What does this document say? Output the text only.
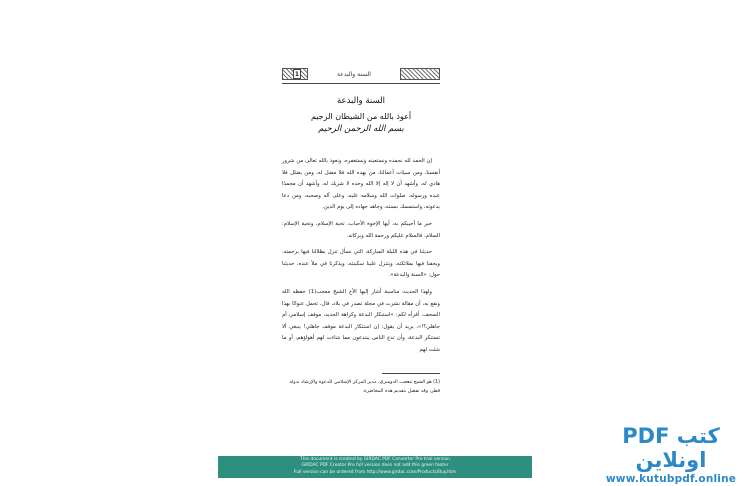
1	السنة والبدعة
السنة والبدعة
أعوذ بالله من الشيطان الرجيم
بسم الله الرحمن الرحيم

إن الحمد لله نحمده ونستعينه ونستغفره، ونعوذ بالله تعالى من شرور أنفسنا، ومن سيئات أعمالنا، من يهده الله فلا مضل له، ومن يضلل فلا هادي له، وأشهد أن لا إله إلا الله وحده لا شريك له، وأشهد أن محمدًا عبده ورسوله، صلوات الله وسلامه عليه، وعلى آله وصحبه، ومن دعا بدعوته، واستمسك بسنته، وجاهد جهاده إلى يوم الدين.

خير ما أحييكم به، أيها الإخوة الأحباب، تحية الإسلام، وتحية الإسلام: السلام، فالسلام عليكم ورحمة الله وبركاته.

حديثنا في هذه الليلة المباركة، التي نسأل تنزل بظلالنا فيها برحمته، ويحفنا فيها بملائكته، ويتنزل علينا سكينته، ويذكرنا في ملأ عنده، حديثنا حول: «السنة والبدعة».

ولهذا الحديث مناسبة أشار إليها الأخ الشيخ معجب(1) حفظه الله ونفع به، أن مقالة نشرت في مجلة تصدر في بلاد، قال، تحمل عنوانًا بهذا السخف، أقرأه لكم: «استنكار البدعة وكراهة الجديد، موقف إسلامي أم جاهلي؟!»، يريد أن يقول: إن استنكار البدعة موقف جاهلي! ينبغي ألا تستنكر البدعة، وأن تدع الناس يبتدعون مما شاءت لهم أهواؤهم، أو ما شئت لهم

(1) هو الشيخ معجب الدوسري، مدير المركز الإسلامي للدعوة والإرشاد بدولة قطر، وقد تفضل بتقديم هذه المحاضرة.
This document is created by GIRDAC PDF Converter Pro trial version
GIRDAC PDF Creator Pro full version does not add this green footer
Full version can be ordered from http://www.girdac.com/Products/Buy.htm
كتب PDF اونلاين
www.kutubpdf.online
